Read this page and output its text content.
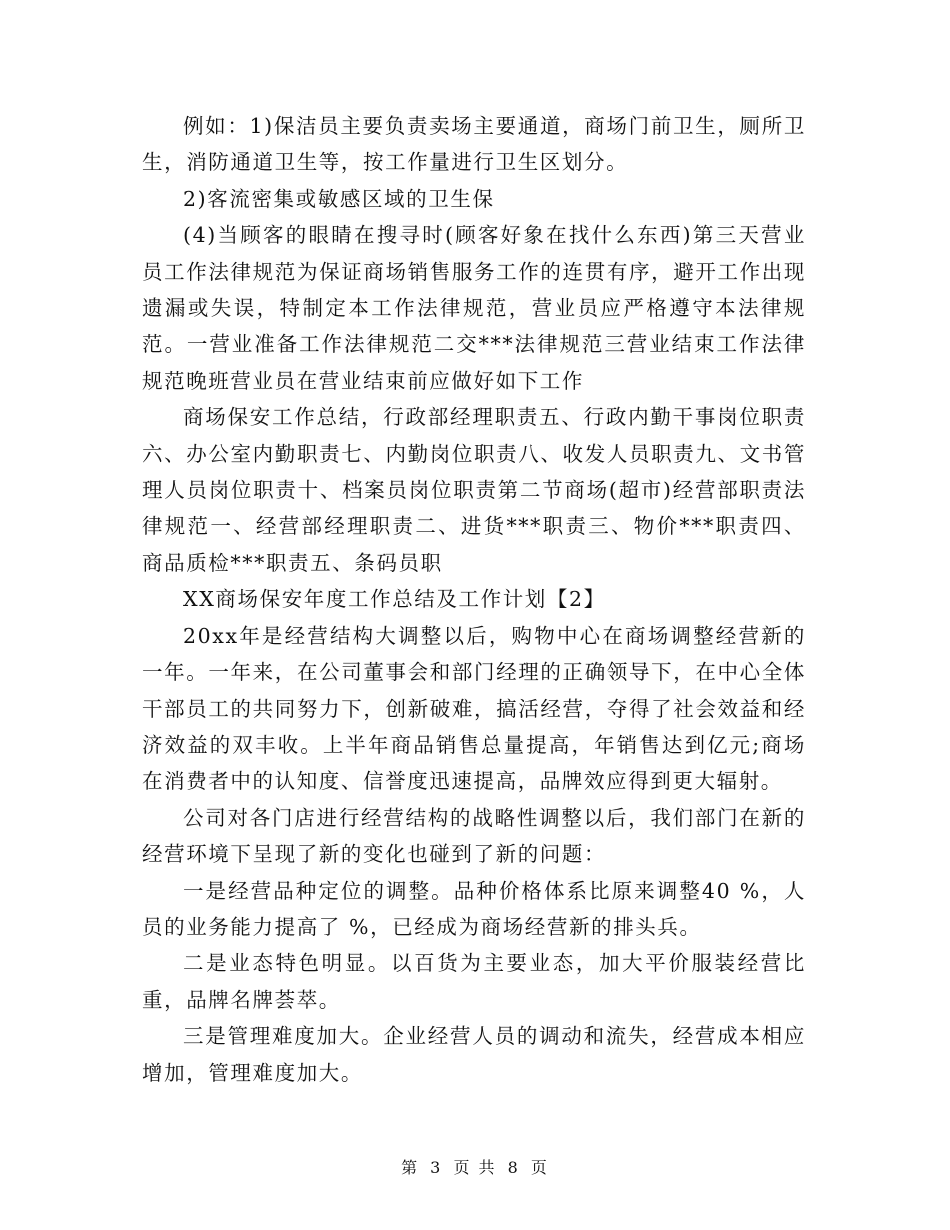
例如：1)保洁员主要负责卖场主要通道，商场门前卫生，厕所卫生，消防通道卫生等，按工作量进行卫生区划分。

2)客流密集或敏感区域的卫生保

(4)当顾客的眼睛在搜寻时(顾客好象在找什么东西)第三天营业员工作法律规范为保证商场销售服务工作的连贯有序，避开工作出现遗漏或失误，特制定本工作法律规范，营业员应严格遵守本法律规范。一营业准备工作法律规范二交***法律规范三营业结束工作法律规范晚班营业员在营业结束前应做好如下工作

商场保安工作总结，行政部经理职责五、行政内勤干事岗位职责六、办公室内勤职责七、内勤岗位职责八、收发人员职责九、文书管理人员岗位职责十、档案员岗位职责第二节商场(超市)经营部职责法律规范一、经营部经理职责二、进货***职责三、物价***职责四、商品质检***职责五、条码员职

XX商场保安年度工作总结及工作计划【2】

20xx年是经营结构大调整以后，购物中心在商场调整经营新的一年。一年来，在公司董事会和部门经理的正确领导下，在中心全体干部员工的共同努力下，创新破难，搞活经营，夺得了社会效益和经济效益的双丰收。上半年商品销售总量提高，年销售达到亿元;商场在消费者中的认知度、信誉度迅速提高，品牌效应得到更大辐射。

公司对各门店进行经营结构的战略性调整以后，我们部门在新的经营环境下呈现了新的变化也碰到了新的问题：

一是经营品种定位的调整。品种价格体系比原来调整40 %，人员的业务能力提高了 %，已经成为商场经营新的排头兵。

二是业态特色明显。以百货为主要业态，加大平价服装经营比重，品牌名牌荟萃。

三是管理难度加大。企业经营人员的调动和流失，经营成本相应增加，管理难度加大。

第 3 页 共 8 页
